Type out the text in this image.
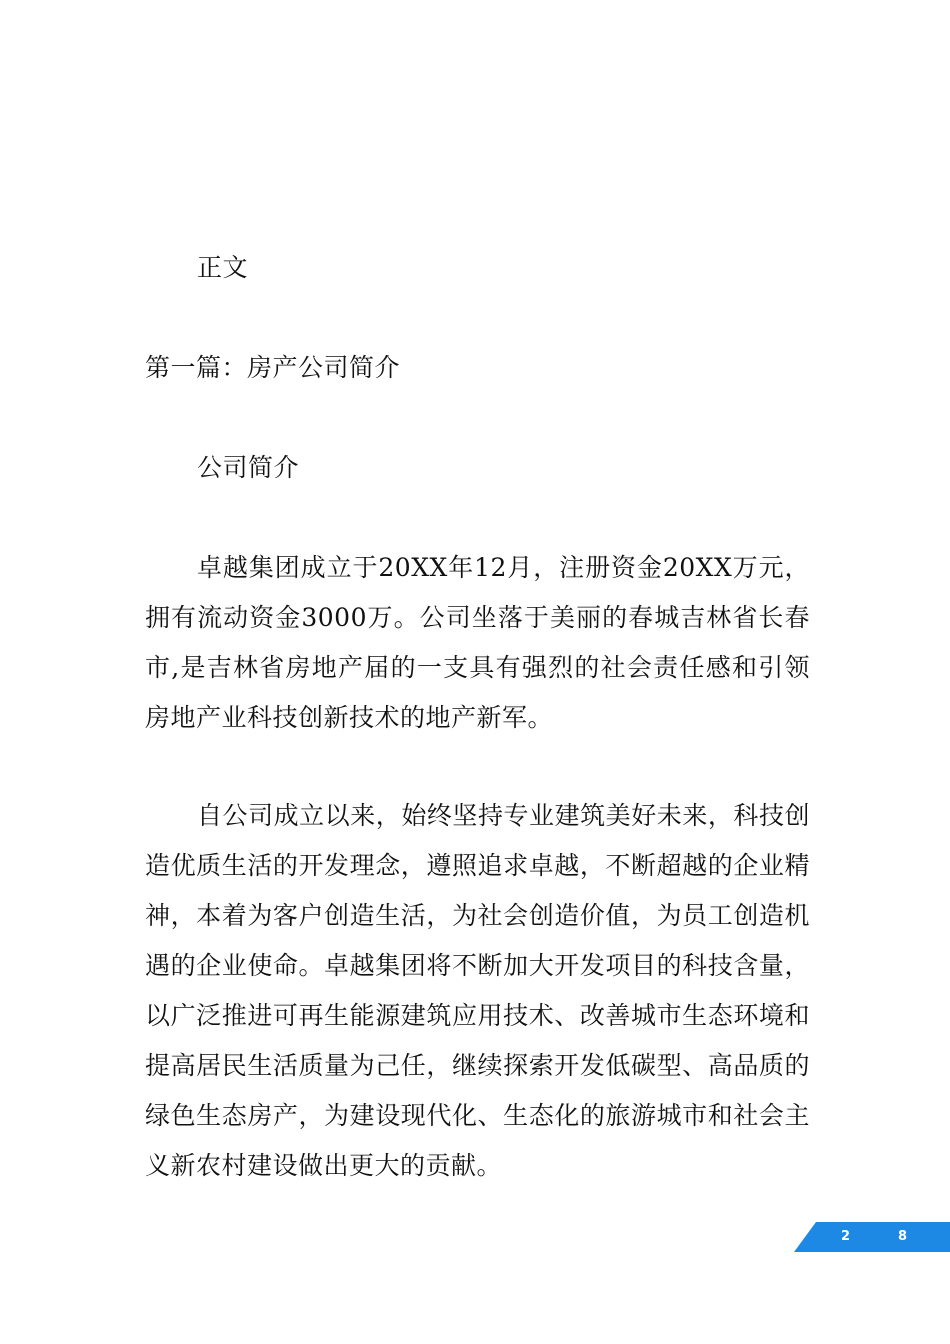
正文
第一篇：房产公司简介
公司简介

卓越集团成立于20XX年12月，注册资金20XX万元，拥有流动资金3000万。公司坐落于美丽的春城吉林省长春市,是吉林省房地产届的一支具有强烈的社会责任感和引领房地产业科技创新技术的地产新军。

自公司成立以来，始终坚持专业建筑美好未来，科技创造优质生活的开发理念，遵照追求卓越，不断超越的企业精神，本着为客户创造生活，为社会创造价值，为员工创造机遇的企业使命。卓越集团将不断加大开发项目的科技含量，以广泛推进可再生能源建筑应用技术、改善城市生态环境和提高居民生活质量为己任，继续探索开发低碳型、高品质的绿色生态房产，为建设现代化、生态化的旅游城市和社会主义新农村建设做出更大的贡献。

2	8
